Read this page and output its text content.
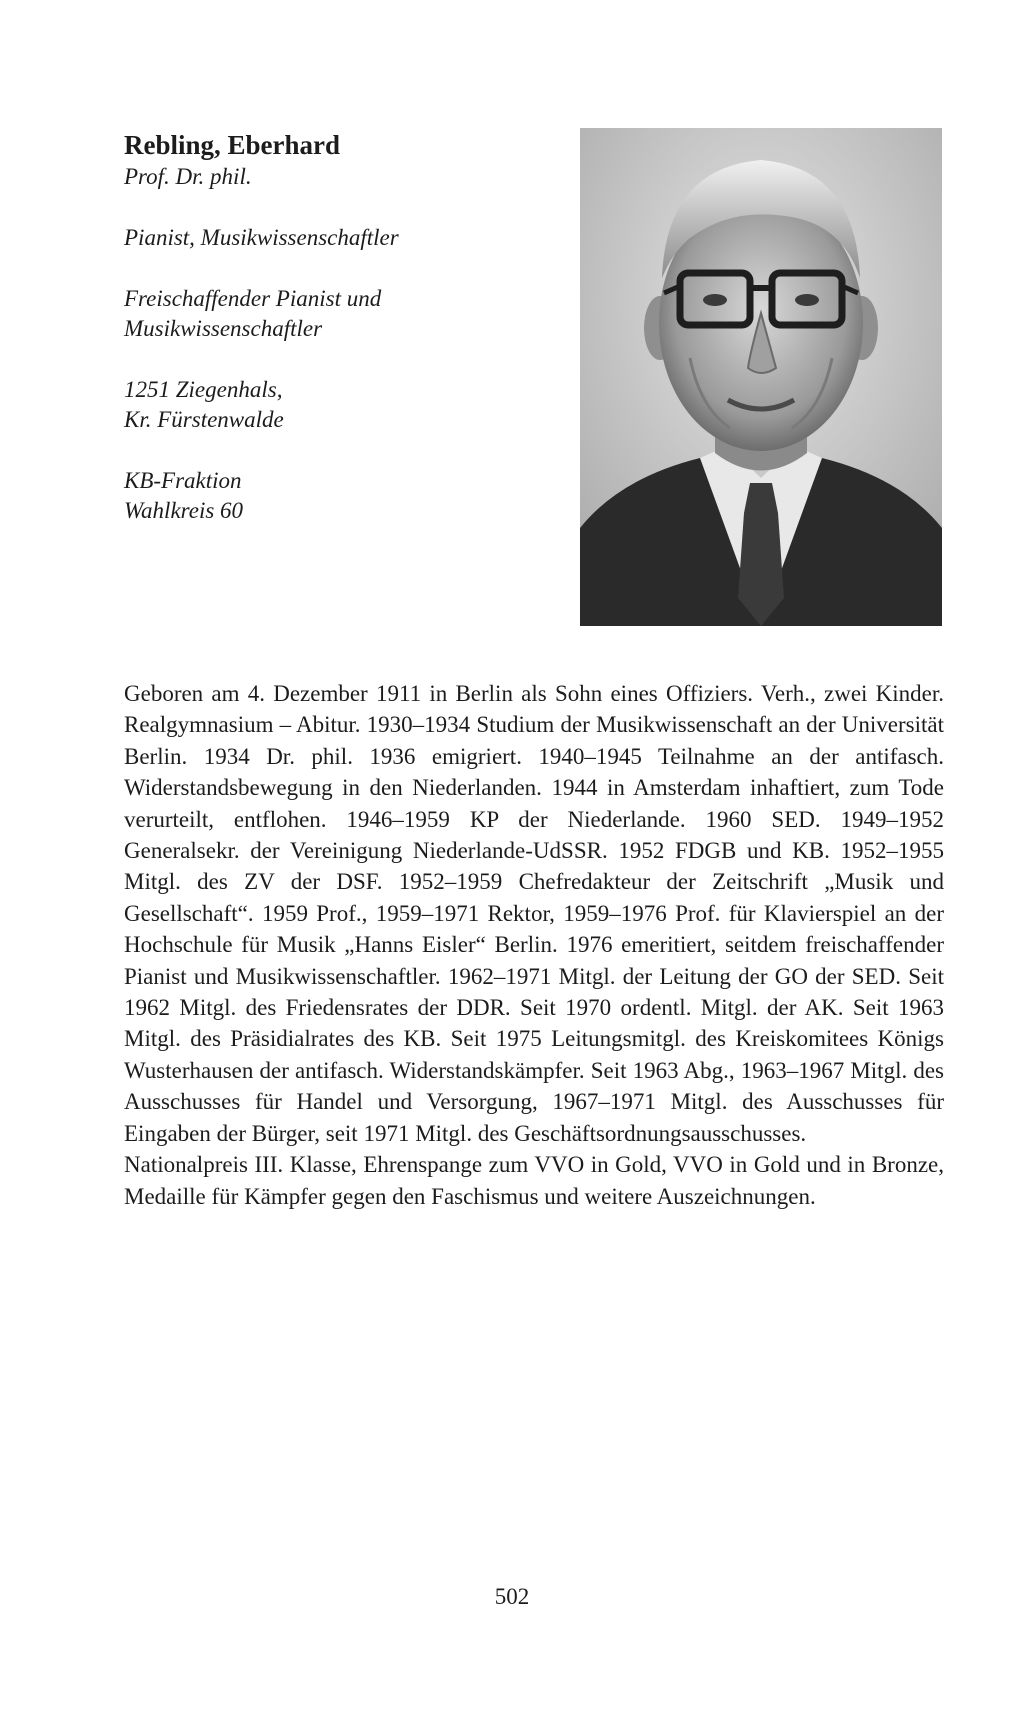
Rebling, Eberhard

Prof. Dr. phil.

Pianist, Musikwissenschaftler

Freischaffender Pianist und

Musikwissenschaftler

1251 Ziegenhals,

Kr. Fürstenwalde

KB-Fraktion

Wahlkreis 60

Geboren am 4. Dezember 1911 in Berlin als Sohn eines Offiziers. Verh., zwei Kinder. Realgymnasium – Abitur. 1930–1934 Studium der Musikwissenschaft an der Universität Berlin. 1934 Dr. phil. 1936 emigriert. 1940–1945 Teilnahme an der antifasch. Widerstandsbewegung in den Niederlanden. 1944 in Amsterdam inhaftiert, zum Tode verurteilt, entflohen. 1946–1959 KP der Niederlande. 1960 SED. 1949–1952 Generalsekr. der Vereinigung Niederlande-UdSSR. 1952 FDGB und KB. 1952–1955 Mitgl. des ZV der DSF. 1952–1959 Chefredakteur der Zeitschrift „Musik und Gesellschaft“. 1959 Prof., 1959–1971 Rektor, 1959–1976 Prof. für Klavierspiel an der Hochschule für Musik „Hanns Eisler“ Berlin. 1976 emeritiert, seitdem freischaffender Pianist und Musikwissenschaftler. 1962–1971 Mitgl. der Leitung der GO der SED. Seit 1962 Mitgl. des Friedensrates der DDR. Seit 1970 ordentl. Mitgl. der AK. Seit 1963 Mitgl. des Präsidialrates des KB. Seit 1975 Leitungsmitgl. des Kreiskomitees Königs Wusterhausen der antifasch. Widerstandskämpfer. Seit 1963 Abg., 1963–1967 Mitgl. des Ausschusses für Handel und Versorgung, 1967–1971 Mitgl. des Ausschusses für Eingaben der Bürger, seit 1971 Mitgl. des Geschäftsordnungsausschusses.

Nationalpreis III. Klasse, Ehrenspange zum VVO in Gold, VVO in Gold und in Bronze, Medaille für Kämpfer gegen den Faschismus und weitere Auszeichnungen.

502
